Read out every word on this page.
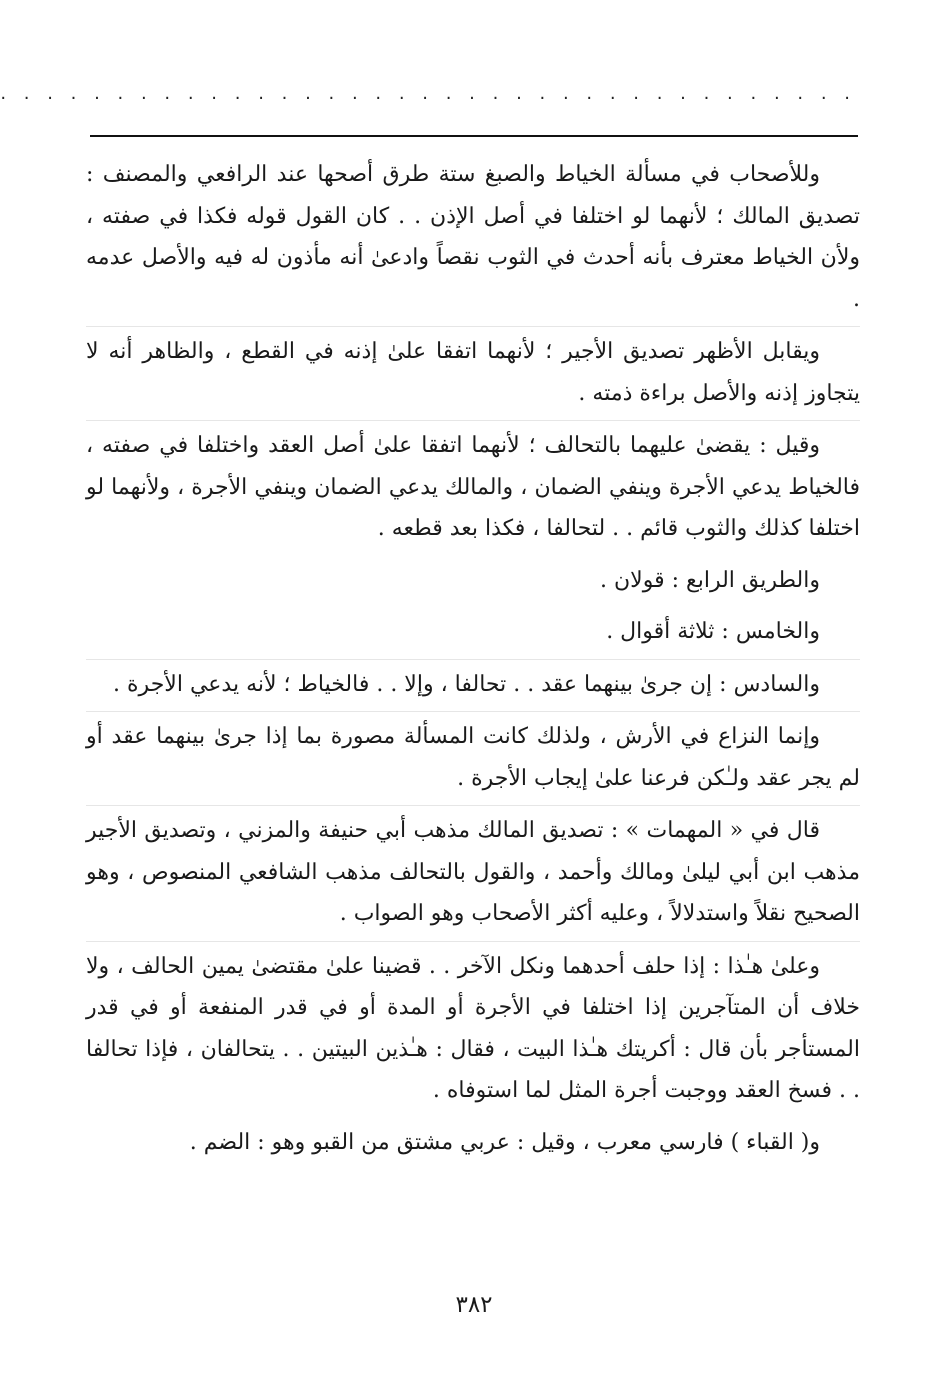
. . . . . . . . . . . . . . . . . . . . . . . . . . . . . . . . . . . . .

وللأصحاب في مسألة الخياط والصبغ ستة طرق أصحها عند الرافعي والمصنف : تصديق المالك ؛ لأنهما لو اختلفا في أصل الإذن . . كان القول قوله فكذا في صفته ، ولأن الخياط معترف بأنه أحدث في الثوب نقصاً وادعىٰ أنه مأذون له فيه والأصل عدمه .

ويقابل الأظهر تصديق الأجير ؛ لأنهما اتفقا علىٰ إذنه في القطع ، والظاهر أنه لا يتجاوز إذنه والأصل براءة ذمته .

وقيل : يقضىٰ عليهما بالتحالف ؛ لأنهما اتفقا علىٰ أصل العقد واختلفا في صفته ، فالخياط يدعي الأجرة وينفي الضمان ، والمالك يدعي الضمان وينفي الأجرة ، ولأنهما لو اختلفا كذلك والثوب قائم . . لتحالفا ، فكذا بعد قطعه .

والطريق الرابع : قولان .

والخامس : ثلاثة أقوال .

والسادس : إن جرىٰ بينهما عقد . . تحالفا ، وإلا . . فالخياط ؛ لأنه يدعي الأجرة .

وإنما النزاع في الأرش ، ولذلك كانت المسألة مصورة بما إذا جرىٰ بينهما عقد أو لم يجر عقد ولـٰكن فرعنا علىٰ إيجاب الأجرة .

قال في « المهمات » : تصديق المالك مذهب أبي حنيفة والمزني ، وتصديق الأجير مذهب ابن أبي ليلىٰ ومالك وأحمد ، والقول بالتحالف مذهب الشافعي المنصوص ، وهو الصحيح نقلاً واستدلالاً ، وعليه أكثر الأصحاب وهو الصواب .

وعلىٰ هـٰذا : إذا حلف أحدهما ونكل الآخر . . قضينا علىٰ مقتضىٰ يمين الحالف ، ولا خلاف أن المتآجرين إذا اختلفا في الأجرة أو المدة أو في قدر المنفعة أو في قدر المستأجر بأن قال : أكريتك هـٰذا البيت ، فقال : هـٰذين البيتين . . يتحالفان ، فإذا تحالفا . . فسخ العقد ووجبت أجرة المثل لما استوفاه .

و( القباء ) فارسي معرب ، وقيل : عربي مشتق من القبو وهو : الضم .

٣٨٢
